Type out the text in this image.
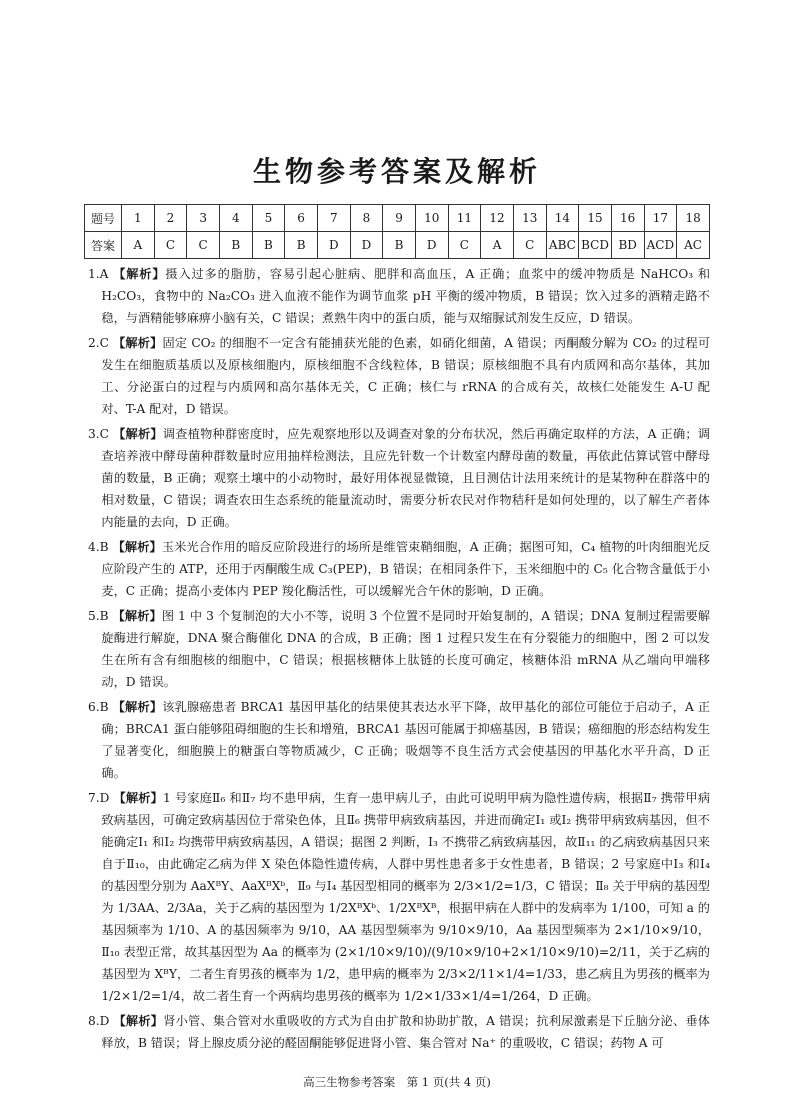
生物参考答案及解析
题号	1	2	3	4	5	6	7	8	9	10	11	12	13	14	15	16	17	18
答案	A	C	C	B	B	B	D	D	B	D	C	A	C	ABC	BCD	BD	ACD	AC

1.A 【解析】摄入过多的脂肪，容易引起心脏病、肥胖和高血压，A 正确；血浆中的缓冲物质是 NaHCO₃ 和 H₂CO₃，食物中的 Na₂CO₃ 进入血液不能作为调节血浆 pH 平衡的缓冲物质，B 错误；饮入过多的酒精走路不稳，与酒精能够麻痹小脑有关，C 错误；煮熟牛肉中的蛋白质，能与双缩脲试剂发生反应，D 错误。

2.C 【解析】固定 CO₂ 的细胞不一定含有能捕获光能的色素，如硝化细菌，A 错误；丙酮酸分解为 CO₂ 的过程可发生在细胞质基质以及原核细胞内，原核细胞不含线粒体，B 错误；原核细胞不具有内质网和高尔基体，其加工、分泌蛋白的过程与内质网和高尔基体无关，C 正确；核仁与 rRNA 的合成有关，故核仁处能发生 A-U 配对、T-A 配对，D 错误。

3.C 【解析】调查植物种群密度时，应先观察地形以及调查对象的分布状况，然后再确定取样的方法，A 正确；调查培养液中酵母菌种群数量时应用抽样检测法，且应先针数一个计数室内酵母菌的数量，再依此估算试管中酵母菌的数量，B 正确；观察土壤中的小动物时，最好用体视显微镜，且目测估计法用来统计的是某物种在群落中的相对数量，C 错误；调查农田生态系统的能量流动时，需要分析农民对作物秸秆是如何处理的，以了解生产者体内能量的去向，D 正确。

4.B 【解析】玉米光合作用的暗反应阶段进行的场所是维管束鞘细胞，A 正确；据图可知，C₄ 植物的叶肉细胞光反应阶段产生的 ATP，还用于丙酮酸生成 C₃(PEP)，B 错误；在相同条件下，玉米细胞中的 C₅ 化合物含量低于小麦，C 正确；提高小麦体内 PEP 羧化酶活性，可以缓解光合午休的影响，D 正确。

5.B 【解析】图 1 中 3 个复制泡的大小不等，说明 3 个位置不是同时开始复制的，A 错误；DNA 复制过程需要解旋酶进行解旋，DNA 聚合酶催化 DNA 的合成，B 正确；图 1 过程只发生在有分裂能力的细胞中，图 2 可以发生在所有含有细胞核的细胞中，C 错误；根据核糖体上肽链的长度可确定，核糖体沿 mRNA 从乙端向甲端移动，D 错误。

6.B 【解析】该乳腺癌患者 BRCA1 基因甲基化的结果使其表达水平下降，故甲基化的部位可能位于启动子，A 正确；BRCA1 蛋白能够阻碍细胞的生长和增殖，BRCA1 基因可能属于抑癌基因，B 错误；癌细胞的形态结构发生了显著变化，细胞膜上的糖蛋白等物质减少，C 正确；吸烟等不良生活方式会使基因的甲基化水平升高，D 正确。

7.D 【解析】1 号家庭Ⅱ₆ 和Ⅱ₇ 均不患甲病，生育一患甲病儿子，由此可说明甲病为隐性遗传病，根据Ⅱ₇ 携带甲病致病基因，可确定致病基因位于常染色体，且Ⅱ₆ 携带甲病致病基因，并进而确定Ⅰ₁ 或Ⅰ₂ 携带甲病致病基因，但不能确定Ⅰ₁ 和Ⅰ₂ 均携带甲病致病基因，A 错误；据图 2 判断，Ⅰ₃ 不携带乙病致病基因，故Ⅱ₁₁ 的乙病致病基因只来自于Ⅱ₁₀，由此确定乙病为伴 X 染色体隐性遗传病，人群中男性患者多于女性患者，B 错误；2 号家庭中Ⅰ₃ 和Ⅰ₄ 的基因型分别为 AaXᴮY、AaXᴮXᵇ，Ⅱ₉ 与Ⅰ₄ 基因型相同的概率为 2/3×1/2=1/3，C 错误；Ⅱ₈ 关于甲病的基因型为 1/3AA、2/3Aa，关于乙病的基因型为 1/2XᴮXᵇ、1/2XᴮXᴮ，根据甲病在人群中的发病率为 1/100，可知 a 的基因频率为 1/10、A 的基因频率为 9/10，AA 基因型频率为 9/10×9/10，Aa 基因型频率为 2×1/10×9/10，Ⅱ₁₀ 表型正常，故其基因型为 Aa 的概率为 (2×1/10×9/10)/(9/10×9/10+2×1/10×9/10)=2/11，关于乙病的基因型为 XᴮY，二者生育男孩的概率为 1/2，患甲病的概率为 2/3×2/11×1/4=1/33，患乙病且为男孩的概率为 1/2×1/2=1/4，故二者生育一个两病均患男孩的概率为 1/2×1/33×1/4=1/264，D 正确。

8.D 【解析】肾小管、集合管对水重吸收的方式为自由扩散和协助扩散，A 错误；抗利尿激素是下丘脑分泌、垂体释放，B 错误；肾上腺皮质分泌的醛固酮能够促进肾小管、集合管对 Na⁺ 的重吸收，C 错误；药物 A 可

高三生物参考答案　第 1 页(共 4 页)
